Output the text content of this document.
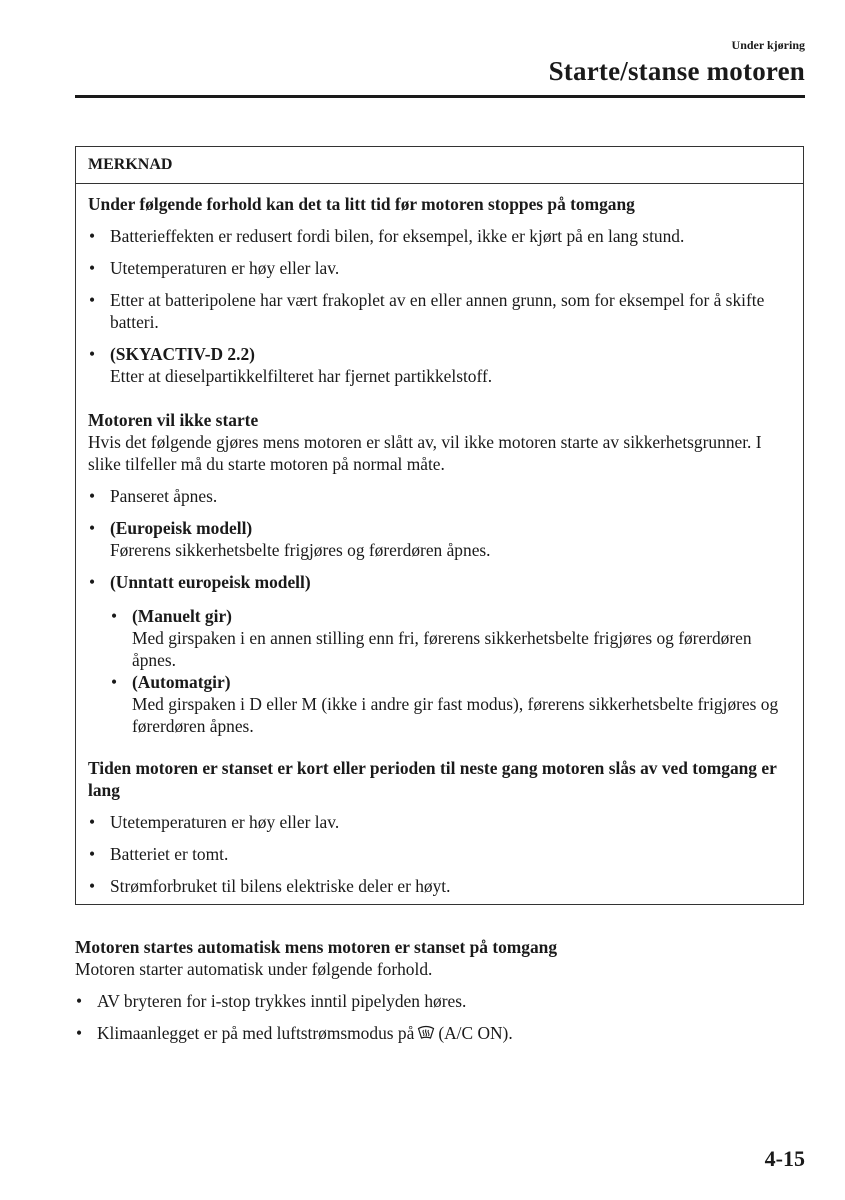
Under kjøring
Starte/stanse motoren
MERKNAD

Under følgende forhold kan det ta litt tid før motoren stoppes på tomgang

• Batterieffekten er redusert fordi bilen, for eksempel, ikke er kjørt på en lang stund.
• Utetemperaturen er høy eller lav.
• Etter at batteripolene har vært frakoplet av en eller annen grunn, som for eksempel for å skifte batteri.
• (SKYACTIV-D 2.2)
Etter at dieselpartikkelfilteret har fjernet partikkelstoff.

Motoren vil ikke starte

Hvis det følgende gjøres mens motoren er slått av, vil ikke motoren starte av sikkerhetsgrunner. I slike tilfeller må du starte motoren på normal måte.

• Panseret åpnes.
• (Europeisk modell)
Førerens sikkerhetsbelte frigjøres og førerdøren åpnes.
• (Unntatt europeisk modell)
• (Manuelt gir)
Med girspaken i en annen stilling enn fri, førerens sikkerhetsbelte frigjøres og førerdøren åpnes.
• (Automatgir)
Med girspaken i D eller M (ikke i andre gir fast modus), førerens sikkerhetsbelte frigjøres og førerdøren åpnes.

Tiden motoren er stanset er kort eller perioden til neste gang motoren slås av ved tomgang er lang

• Utetemperaturen er høy eller lav.
• Batteriet er tomt.
• Strømforbruket til bilens elektriske deler er høyt.

Motoren startes automatisk mens motoren er stanset på tomgang

Motoren starter automatisk under følgende forhold.

• AV bryteren for i-stop trykkes inntil pipelyden høres.
• Klimaanlegget er på med luftstrømsmodus på (A/C ON).
4-15
